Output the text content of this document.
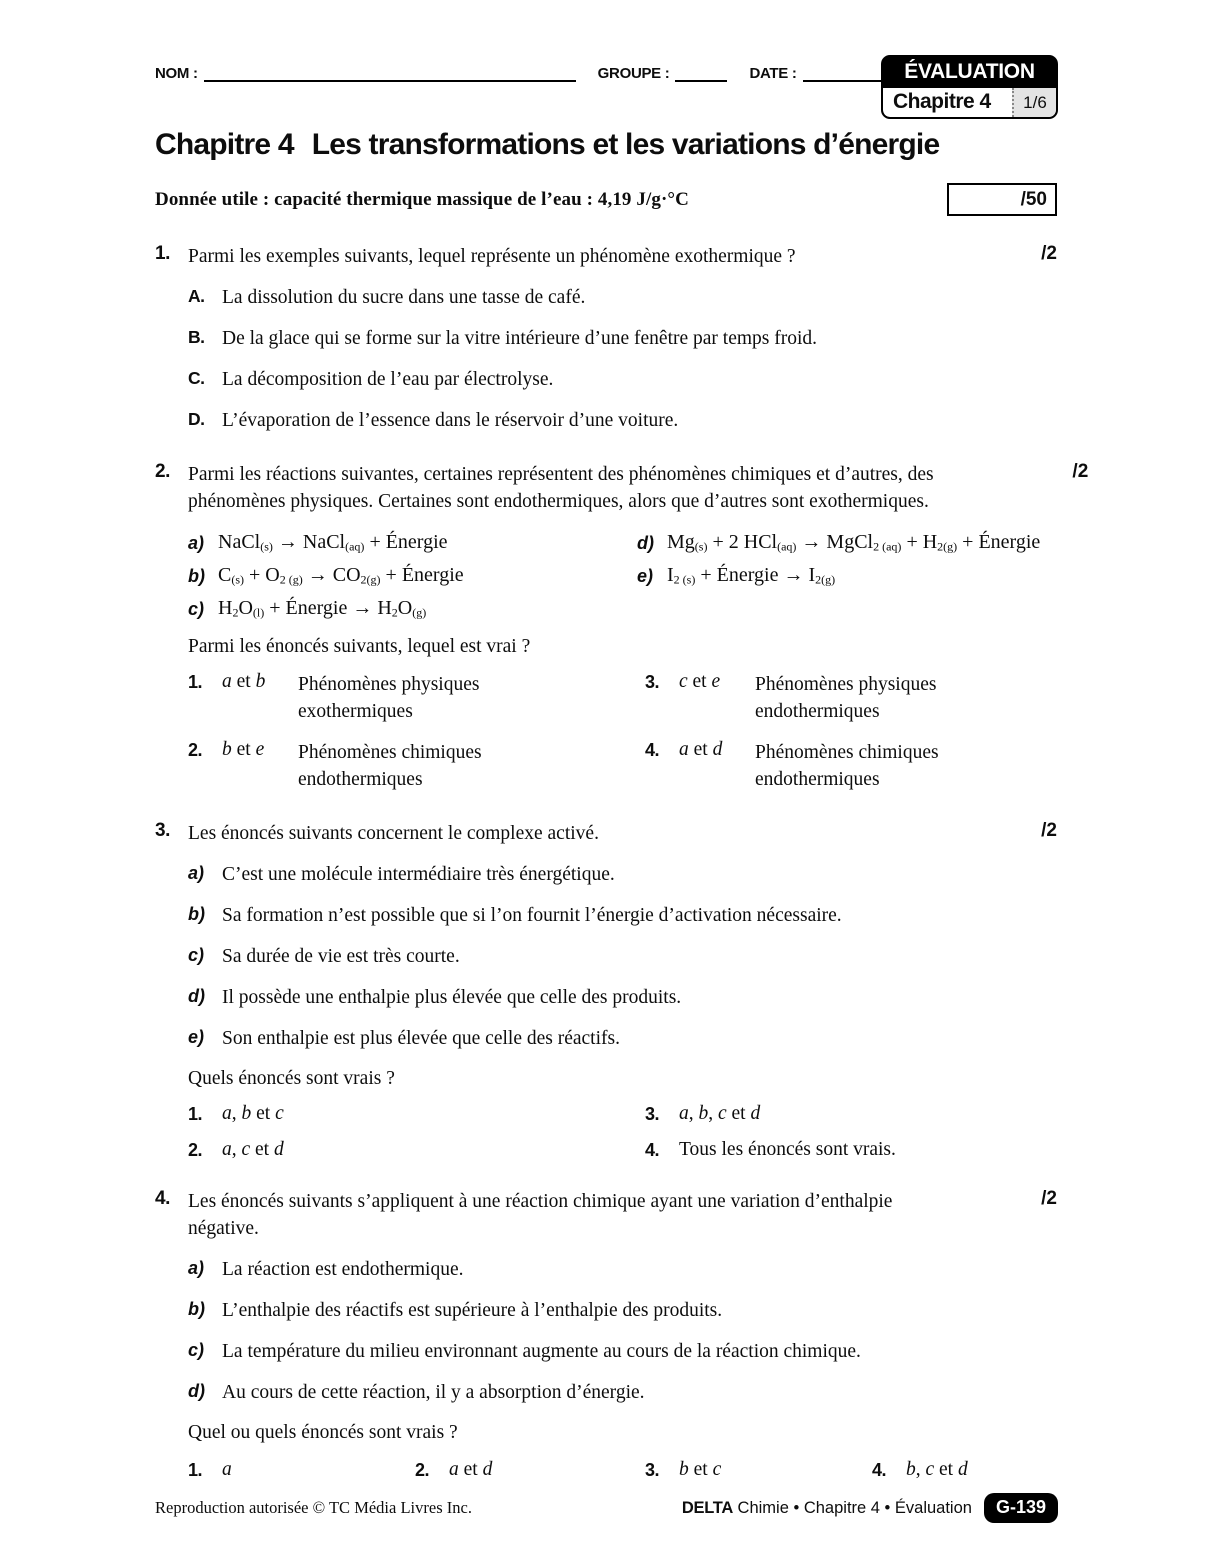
NOM :	GROUPE :	DATE :	ÉVALUATION
Chapitre 4	1/6
Chapitre 4 Les transformations et les variations d’énergie
Donnée utile : capacité thermique massique de l’eau : 4,19 J/g·°C	/50
1. Parmi les exemples suivants, lequel représente un phénomène exothermique ?

A. La dissolution du sucre dans une tasse de café.
B. De la glace qui se forme sur la vitre intérieure d’une fenêtre par temps froid.
C. La décomposition de l’eau par électrolyse.
D. L’évaporation de l’essence dans le réservoir d’une voiture.
/2
2. Parmi les réactions suivantes, certaines représentent des phénomènes chimiques et d’autres, des phénomènes physiques. Certaines sont endothermiques, alors que d’autres sont exothermiques.

a) NaCl$_{(s)}$ → NaCl$_{(aq)}$ + Énergie
b) $C_{(s)} + O_{2 (g)} \to CO_{2(g)}$ + Énergie
c) $H_2O_{(l)}$ + Énergie → $H_2O_{(g)}$
d) $Mg_{(s)} + 2$ HCl$_{(aq)}$ → MgCl$_{2 (aq)}$ + $H_{2(g)}$ + Énergie
e) $I_{2 (s)}$ + Énergie → $I_{2(g)}$

Parmi les énoncés suivants, lequel est vrai ?

1.	a et b	Phénomènes physiques exothermiques
3.	c et e	Phénomènes physiques endothermiques
2.	b et e	Phénomènes chimiques endothermiques
4.	a et d	Phénomènes chimiques endothermiques
/2
3. Les énoncés suivants concernent le complexe activé.

a) C’est une molécule intermédiaire très énergétique.
b) Sa formation n’est possible que si l’on fournit l’énergie d’activation nécessaire.
c) Sa durée de vie est très courte.
d) Il possède une enthalpie plus élevée que celle des produits.
e) Son enthalpie est plus élevée que celle des réactifs.

Quels énoncés sont vrais ?

1.	a, b et c	3.	a, b, c et d
2.	a, c et d	4.	Tous les énoncés sont vrais.
/2
4. Les énoncés suivants s’appliquent à une réaction chimique ayant une variation d’enthalpie négative.

a) La réaction est endothermique.
b) L’enthalpie des réactifs est supérieure à l’enthalpie des produits.
c) La température du milieu environnant augmente au cours de la réaction chimique.
d) Au cours de cette réaction, il y a absorption d’énergie.

Quel ou quels énoncés sont vrais ?

1.	a	2.	a et d	3.	b et c	4.	b, c et d
/2
Reproduction autorisée © TC Média Livres Inc.	DELTA Chimie • Chapitre 4 • Évaluation	G-139
